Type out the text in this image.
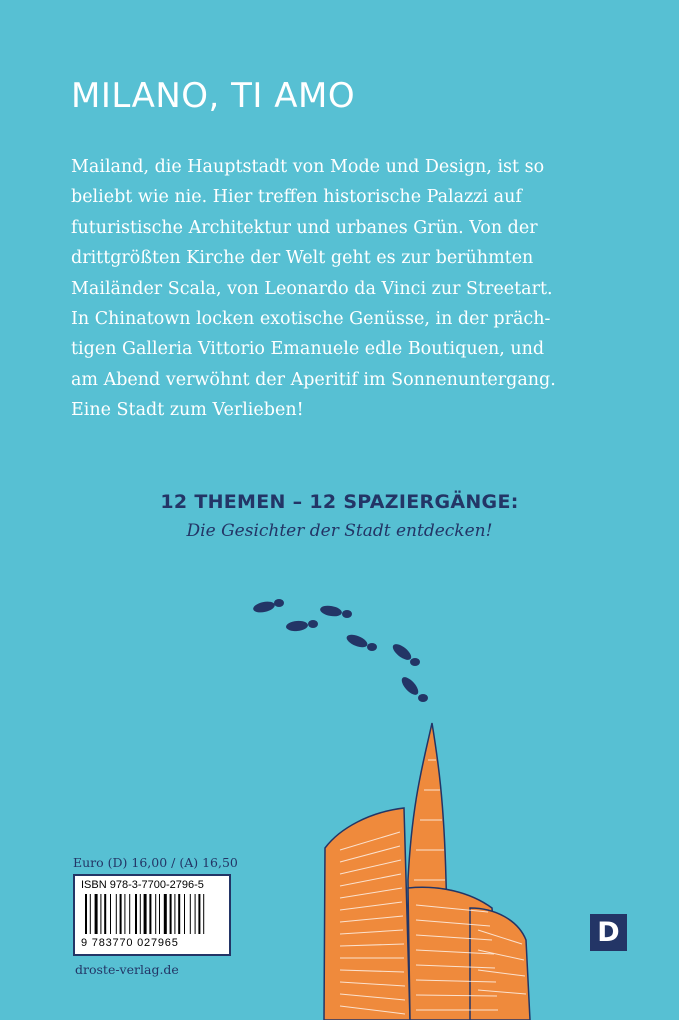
MILANO, TI AMO
Mailand, die Hauptstadt von Mode und Design, ist so
beliebt wie nie. Hier treffen historische Palazzi auf
futuristische Architektur und urbanes Grün. Von der
drittgrößten Kirche der Welt geht es zur berühmten
Mailänder Scala, von Leonardo da Vinci zur Streetart.
In Chinatown locken exotische Genüsse, in der präch-
tigen Galleria Vittorio Emanuele edle Boutiquen, und
am Abend verwöhnt der Aperitif im Sonnenuntergang.
Eine Stadt zum Verlieben!
12 THEMEN – 12 SPAZIERGÄNGE:
Die Gesichter der Stadt entdecken!
Euro (D) 16,00 / (A) 16,50
ISBN 978-3-7700-2796-5
9 783770 027965
droste-verlag.de
D
